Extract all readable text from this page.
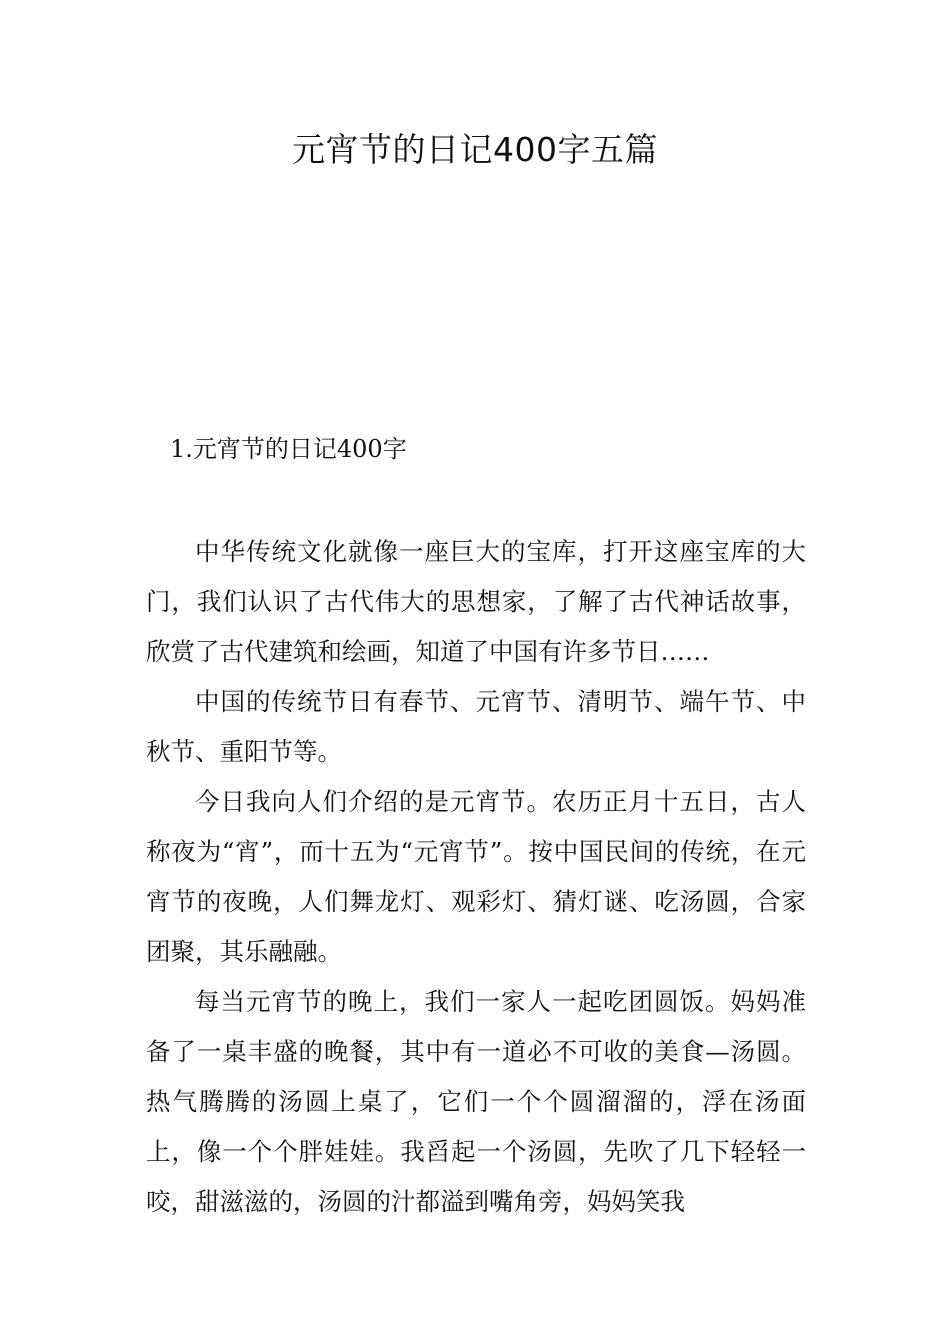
元宵节的日记400字五篇
1.元宵节的日记400字

中华传统文化就像一座巨大的宝库，打开这座宝库的大门，我们认识了古代伟大的思想家，了解了古代神话故事，欣赏了古代建筑和绘画，知道了中国有许多节日……

中国的传统节日有春节、元宵节、清明节、端午节、中秋节、重阳节等。

今日我向人们介绍的是元宵节。农历正月十五日，古人称夜为“宵”，而十五为“元宵节”。按中国民间的传统，在元宵节的夜晚，人们舞龙灯、观彩灯、猜灯谜、吃汤圆，合家团聚，其乐融融。

每当元宵节的晚上，我们一家人一起吃团圆饭。妈妈准备了一桌丰盛的晚餐，其中有一道必不可收的美食—汤圆。热气腾腾的汤圆上桌了，它们一个个圆溜溜的，浮在汤面上，像一个个胖娃娃。我舀起一个汤圆，先吹了几下轻轻一咬，甜滋滋的，汤圆的汁都溢到嘴角旁，妈妈笑我
